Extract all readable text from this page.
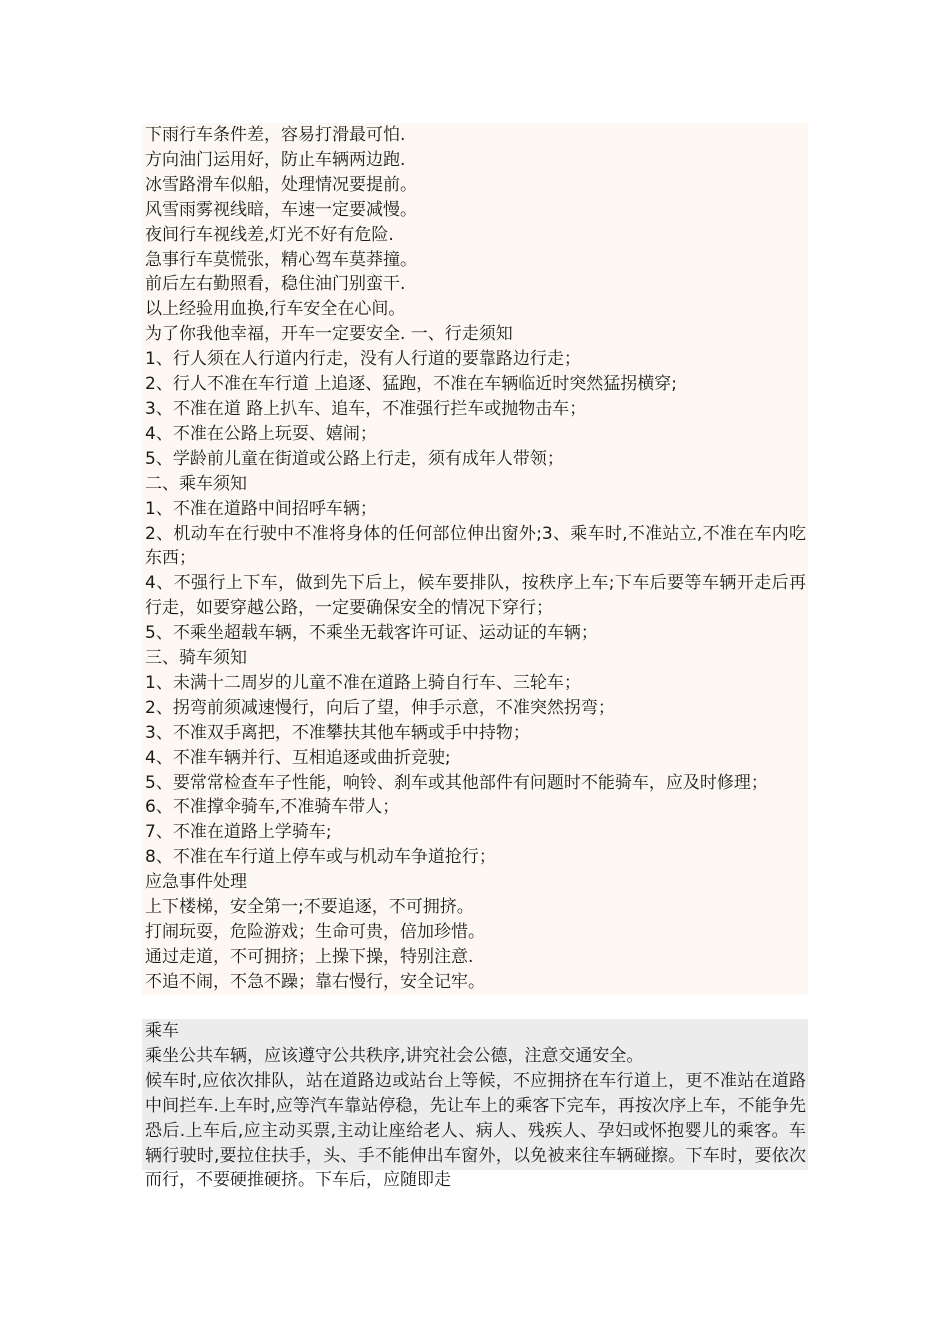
下雨行车条件差，容易打滑最可怕.
方向油门运用好，防止车辆两边跑.
冰雪路滑车似船，处理情况要提前。
风雪雨雾视线暗，车速一定要减慢。
夜间行车视线差,灯光不好有危险.
急事行车莫慌张，精心驾车莫莽撞。
前后左右勤照看，稳住油门别蛮干.
以上经验用血换,行车安全在心间。
为了你我他幸福，开车一定要安全. 一、行走须知
1、行人须在人行道内行走，没有人行道的要靠路边行走；
2、行人不准在车行道 上追逐、猛跑，不准在车辆临近时突然猛拐横穿;
3、不准在道 路上扒车、追车，不准强行拦车或抛物击车；
4、不准在公路上玩耍、嬉闹；
5、学龄前儿童在街道或公路上行走，须有成年人带领；
二、乘车须知
1、不准在道路中间招呼车辆；
2、机动车在行驶中不准将身体的任何部位伸出窗外;3、乘车时,不准站立,不准在车内吃东西；
4、不强行上下车，做到先下后上，候车要排队，按秩序上车;下车后要等车辆开走后再行走，如要穿越公路，一定要确保安全的情况下穿行；
5、不乘坐超载车辆，不乘坐无载客许可证、运动证的车辆；
三、骑车须知
1、未满十二周岁的儿童不准在道路上骑自行车、三轮车；
2、拐弯前须减速慢行，向后了望，伸手示意，不准突然拐弯；
3、不准双手离把，不准攀扶其他车辆或手中持物；
4、不准车辆并行、互相追逐或曲折竞驶;
5、要常常检查车子性能，响铃、刹车或其他部件有问题时不能骑车，应及时修理；
6、不准撑伞骑车,不准骑车带人；
7、不准在道路上学骑车;
8、不准在车行道上停车或与机动车争道抢行；
应急事件处理
上下楼梯，安全第一;不要追逐，不可拥挤。
打闹玩耍，危险游戏；生命可贵，倍加珍惜。
通过走道，不可拥挤；上操下操，特别注意.
不追不闹，不急不躁；靠右慢行，安全记牢。
乘车
乘坐公共车辆，应该遵守公共秩序,讲究社会公德，注意交通安全。
候车时,应依次排队，站在道路边或站台上等候，不应拥挤在车行道上，更不准站在道路中间拦车.上车时,应等汽车靠站停稳，先让车上的乘客下完车，再按次序上车，不能争先恐后.上车后,应主动买票,主动让座给老人、病人、残疾人、孕妇或怀抱婴儿的乘客。车辆行驶时,要拉住扶手，头、手不能伸出车窗外，以免被来往车辆碰擦。下车时，要依次而行，不要硬推硬挤。下车后，应随即走
